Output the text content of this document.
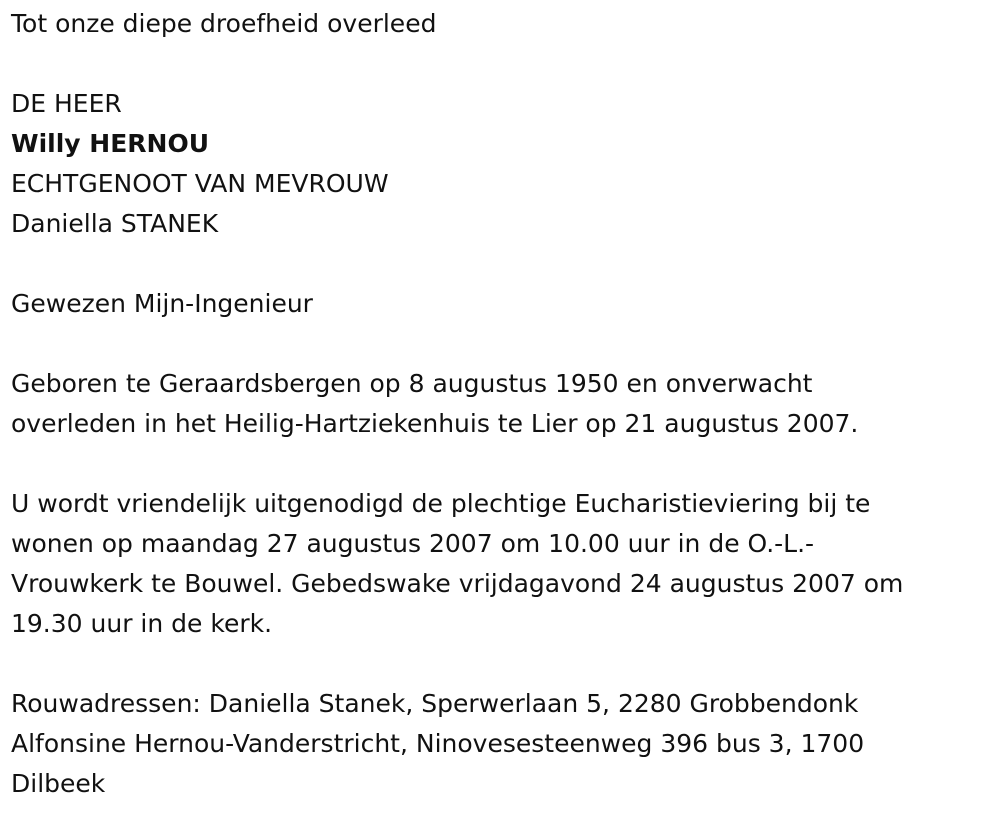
Tot onze diepe droefheid overleed
DE HEER
Willy HERNOU
ECHTGENOOT VAN MEVROUW
Daniella STANEK
Gewezen Mijn-Ingenieur
Geboren te Geraardsbergen op 8 augustus 1950 en onverwacht
overleden in het Heilig-Hartziekenhuis te Lier op 21 augustus 2007.
U wordt vriendelijk uitgenodigd de plechtige Eucharistieviering bij te
wonen op maandag 27 augustus 2007 om 10.00 uur in de O.-L.-
Vrouwkerk te Bouwel. Gebedswake vrijdagavond 24 augustus 2007 om
19.30 uur in de kerk.
Rouwadressen: Daniella Stanek, Sperwerlaan 5, 2280 Grobbendonk
Alfonsine Hernou-Vanderstricht, Ninovesesteenweg 396 bus 3, 1700
Dilbeek
